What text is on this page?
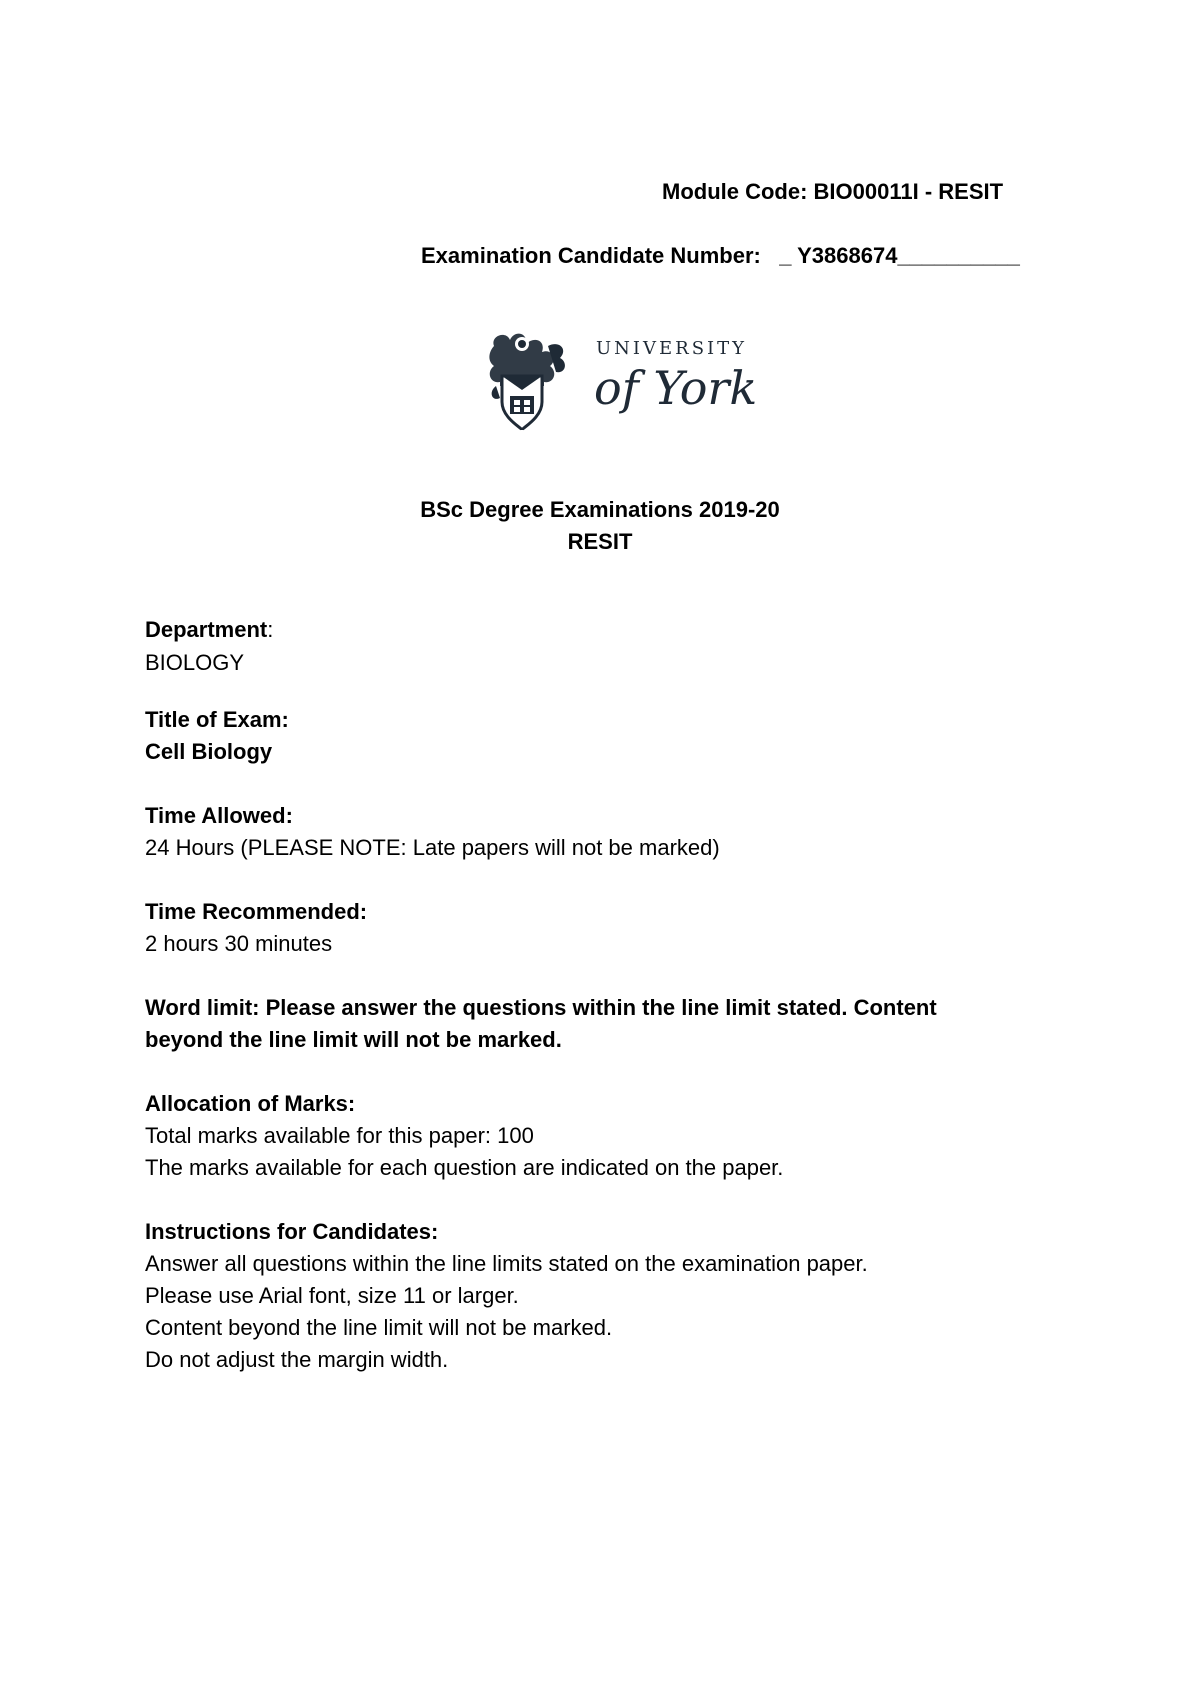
Module Code: BIO00011I - RESIT
Examination Candidate Number: _ Y3868674__________
UNIVERSITY
of York
BSc Degree Examinations 2019-20
RESIT
Department:
BIOLOGY
Title of Exam:
Cell Biology
Time Allowed:
24 Hours (PLEASE NOTE: Late papers will not be marked)
Time Recommended:
2 hours 30 minutes
Word limit: Please answer the questions within the line limit stated. Content
beyond the line limit will not be marked.
Allocation of Marks:
Total marks available for this paper: 100
The marks available for each question are indicated on the paper.
Instructions for Candidates:
Answer all questions within the line limits stated on the examination paper.
Please use Arial font, size 11 or larger.
Content beyond the line limit will not be marked.
Do not adjust the margin width.
